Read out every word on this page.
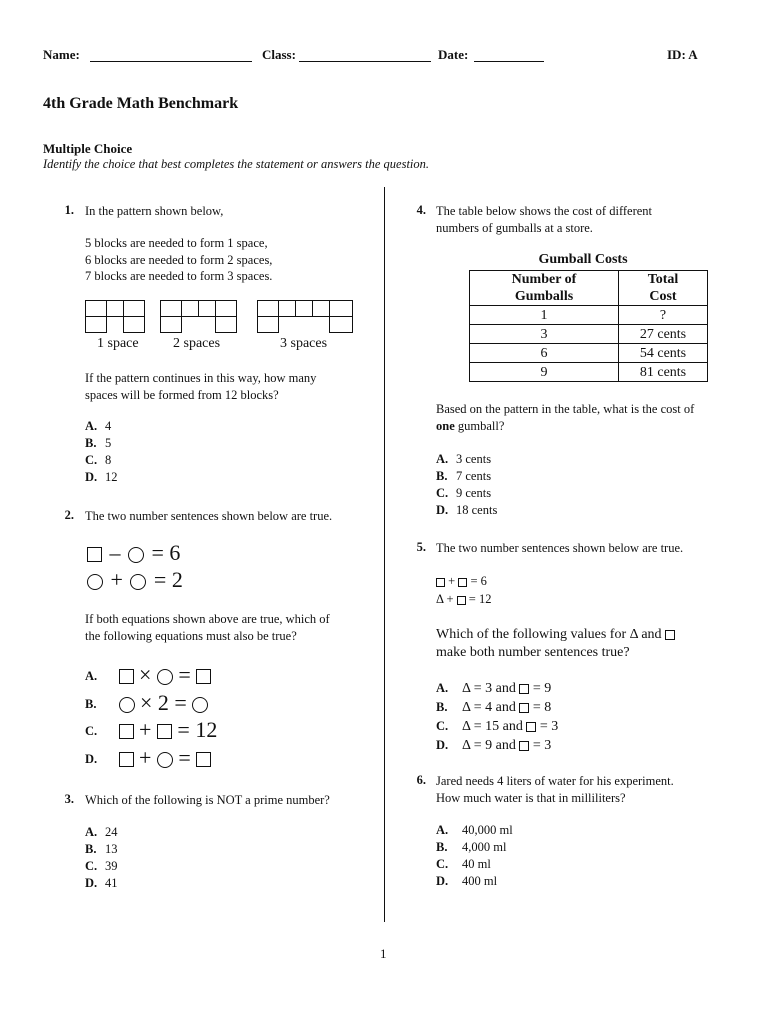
Name:	Class:	Date:	ID: A
4th Grade Math Benchmark
Multiple Choice
Identify the choice that best completes the statement or answers the question.
1. In the pattern shown below,
5 blocks are needed to form 1 space,
6 blocks are needed to form 2 spaces,
7 blocks are needed to form 3 spaces.
1 space 2 spaces	3 spaces
If the pattern continues in this way, how many
spaces will be formed from 12 blocks?
A. 4
B. 5
C. 8
D. 12
2. The two number sentences shown below are true.
– = 6
+ = 2
If both equations shown above are true, which of
the following equations must also be true?
A. × =
B. × 2 =
C. + = 12
D. + =
3. Which of the following is NOT a prime number?
A. 24
B. 13
C. 39
D. 41
4. The table below shows the cost of different
numbers of gumballs at a store.
Gumball Costs
Number of	Total
Gumballs	Cost
1	?
3	27 cents
6	54 cents
9	81 cents
Based on the pattern in the table, what is the cost of
one gumball?
A. 3 cents
B. 7 cents
C. 9 cents
D. 18 cents
5. The two number sentences shown below are true.
+ = 6
Δ + = 12
Which of the following values for Δ and
make both number sentences true?
A. Δ = 3 and = 9
B. Δ = 4 and = 8
C. Δ = 15 and = 3
D. Δ = 9 and = 3
6. Jared needs 4 liters of water for his experiment.
How much water is that in milliliters?
A. 40,000 ml
B. 4,000 ml
C. 40 ml
D. 400 ml
1
